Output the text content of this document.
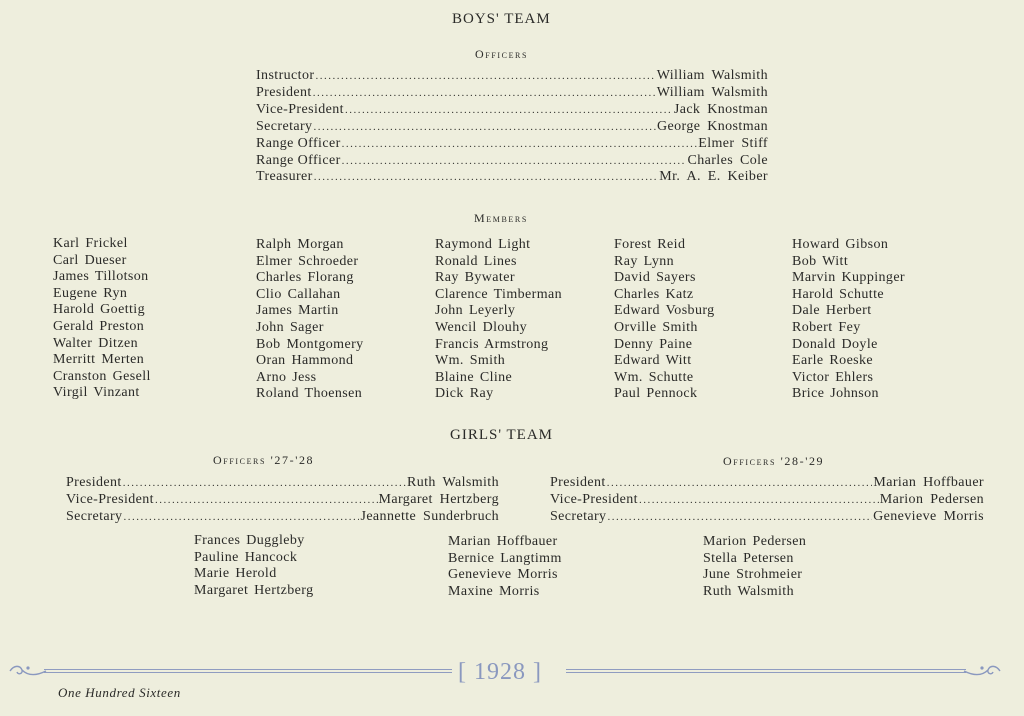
BOYS' TEAM
Officers
Instructor .....	William Walsmith
President .....	William Walsmith
Vice-President .....	Jack Knostman
Secretary .....	George Knostman
Range Officer .....	Elmer Stiff
Range Officer .....	Charles Cole
Treasurer .....	Mr. A. E. Keiber
Members
Karl Frickel
Carl Dueser
James Tillotson
Eugene Ryn
Harold Goettig
Gerald Preston
Walter Ditzen
Merritt Merten
Cranston Gesell
Virgil Vinzant
Ralph Morgan
Elmer Schroeder
Charles Florang
Clio Callahan
James Martin
John Sager
Bob Montgomery
Oran Hammond
Arno Jess
Roland Thoensen
Raymond Light
Ronald Lines
Ray Bywater
Clarence Timberman
John Leyerly
Wencil Dlouhy
Francis Armstrong
Wm. Smith
Blaine Cline
Dick Ray
Forest Reid
Ray Lynn
David Sayers
Charles Katz
Edward Vosburg
Orville Smith
Denny Paine
Edward Witt
Wm. Schutte
Paul Pennock
Howard Gibson
Bob Witt
Marvin Kuppinger
Harold Schutte
Dale Herbert
Robert Fey
Donald Doyle
Earle Roeske
Victor Ehlers
Brice Johnson
GIRLS' TEAM
Officers '27-'28	Officers '28-'29
President .....	Ruth Walsmith
Vice-President .....	Margaret Hertzberg
Secretary .....	Jeannette Sunderbruch
President .....	Marian Hoffbauer
Vice-President .....	Marion Pedersen
Secretary .....	Genevieve Morris
Frances Duggleby
Pauline Hancock
Marie Herold
Margaret Hertzberg
Marian Hoffbauer
Bernice Langtimm
Genevieve Morris
Maxine Morris
Marion Pedersen
Stella Petersen
June Strohmeier
Ruth Walsmith
[ 1928 ]
One Hundred Sixteen
